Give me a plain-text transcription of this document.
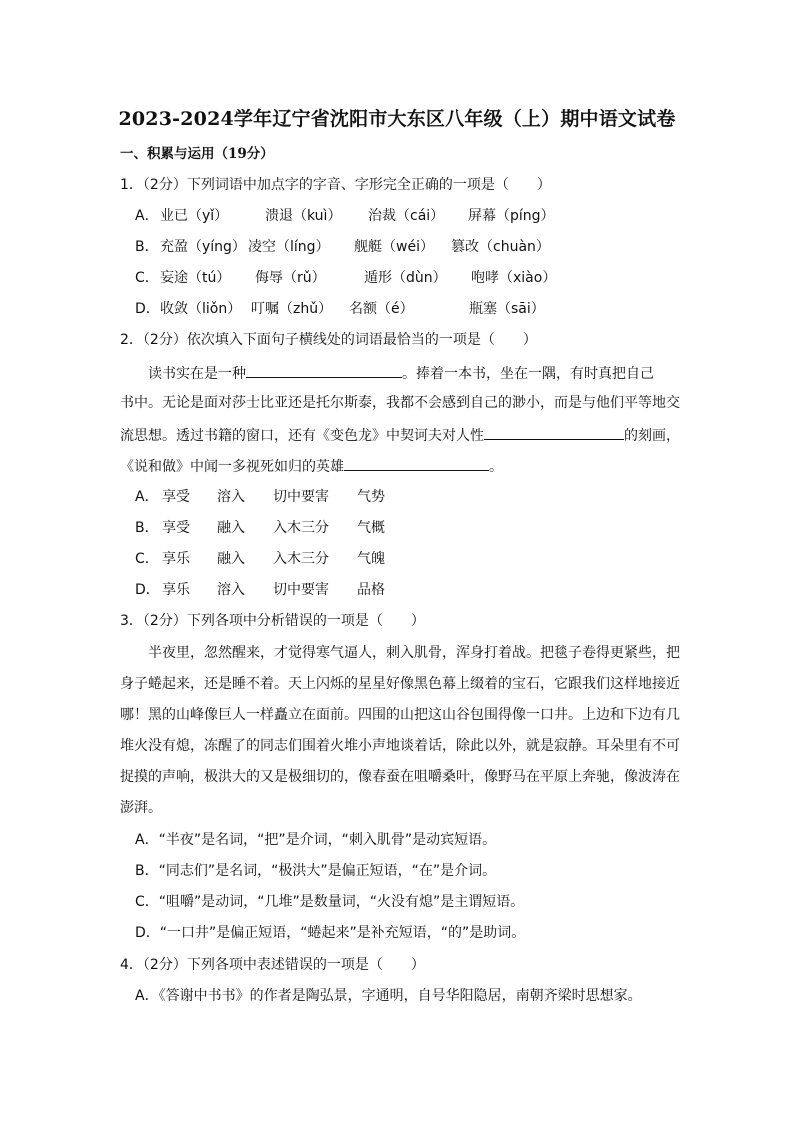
2023-2024学年辽宁省沈阳市大东区八年级（上）期中语文试卷
一、积累与运用（19分）
1．（2分）下列词语中加点字的字音、字形完全正确的一项是（　　）
A． 业已（yǐ）	溃退（kuì） 治裁（cái） 屏幕（píng）
B． 充盈（yíng） 凌空（líng） 舰艇（wéi） 篡改（chuàn）
C． 妄途（tú） 侮辱（rǔ）	遁形（dùn） 咆哮（xiào）
D． 收敛（liǒn） 叮嘱（zhǔ） 名额（é）	瓶塞（sāi）
2．（2分）依次填入下面句子横线处的词语最恰当的一项是（　　）
读书实在是一种	。捧着一本书，坐在一隅，有时真把自己
书中。无论是面对莎士比亚还是托尔斯泰，我都不会感到自己的渺小，而是与他们平等地交
流思想。透过书籍的窗口，还有《变色龙》中契诃夫对人性	的刻画，
《说和做》中闻一多视死如归的英雄	。
A． 享受 溶入 切中要害 气势
B． 享受 融入 入木三分 气概
C． 享乐 融入 入木三分 气魄
D． 享乐 溶入 切中要害 品格
3．（2分）下列各项中分析错误的一项是（　　）
半夜里，忽然醒来，才觉得寒气逼人，刺入肌骨，浑身打着战。把毯子卷得更紧些，把
身子蜷起来，还是睡不着。天上闪烁的星星好像黑色幕上缀着的宝石，它跟我们这样地接近
哪！黑的山峰像巨人一样矗立在面前。四围的山把这山谷包围得像一口井。上边和下边有几
堆火没有熄，冻醒了的同志们围着火堆小声地谈着话，除此以外，就是寂静。耳朵里有不可
捉摸的声响，极洪大的又是极细切的，像春蚕在咀嚼桑叶，像野马在平原上奔驰，像波涛在
澎湃。
A．“半夜”是名词，“把”是介词，“刺入肌骨”是动宾短语。
B．“同志们”是名词，“极洪大”是偏正短语，“在”是介词。
C．“咀嚼”是动词，“几堆”是数量词，“火没有熄”是主谓短语。
D．“一口井”是偏正短语，“蜷起来”是补充短语，“的”是助词。
4．（2分）下列各项中表述错误的一项是（　　）
A．《答谢中书书》的作者是陶弘景，字通明，自号华阳隐居，南朝齐梁时思想家。
